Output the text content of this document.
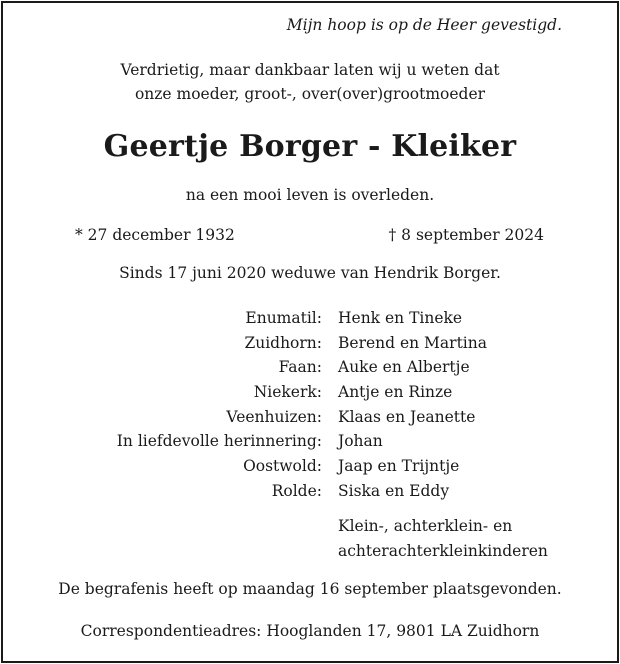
Mijn hoop is op de Heer gevestigd.
Verdrietig, maar dankbaar laten wij u weten dat
onze moeder, groot-, over(over)grootmoeder
Geertje Borger - Kleiker
na een mooi leven is overleden.
* 27 december 1932	† 8 september 2024
Sinds 17 juni 2020 weduwe van Hendrik Borger.
Enumatil: Henk en Tineke
Zuidhorn: Berend en Martina
Faan: Auke en Albertje
Niekerk: Antje en Rinze
Veenhuizen: Klaas en Jeanette
In liefdevolle herinnering: Johan
Oostwold: Jaap en Trijntje
Rolde: Siska en Eddy
Klein-, achterklein- en
achterachterkleinkinderen
De begrafenis heeft op maandag 16 september plaatsgevonden.
Correspondentieadres: Hooglanden 17, 9801 LA Zuidhorn
